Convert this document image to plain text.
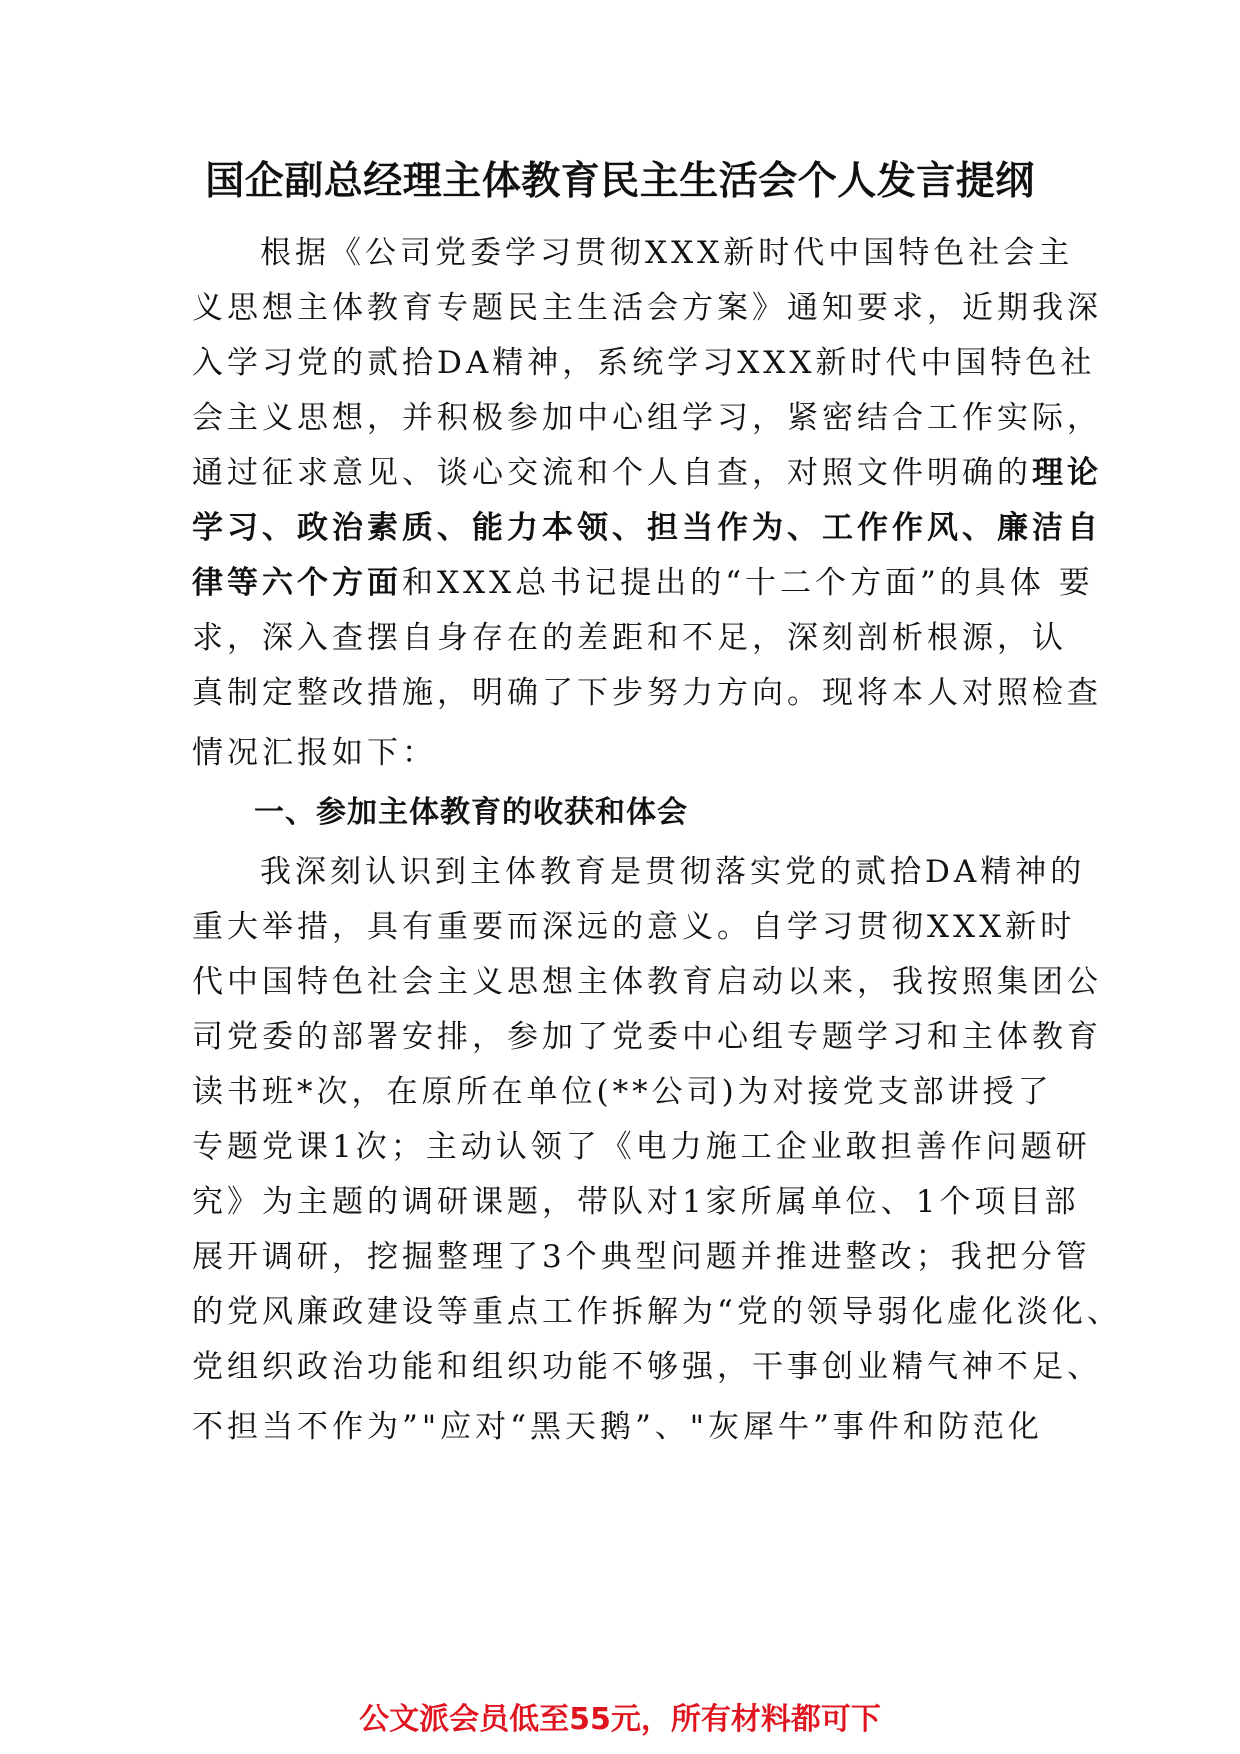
国企副总经理主体教育民主生活会个人发言提纲
根据《公司党委学习贯彻XXX新时代中国特色社会主
义思想主体教育专题民主生活会方案》通知要求，近期我深
入学习党的贰拾DA精神，系统学习XXX新时代中国特色社
会主义思想，并积极参加中心组学习，紧密结合工作实际，
通过征求意见、谈心交流和个人自查，对照文件明确的理论
学习、政治素质、能力本领、担当作为、工作作风、廉洁自
律等六个方面和XXX总书记提出的“十二个方面”的具体 要
求，深入查摆自身存在的差距和不足，深刻剖析根源，认
真制定整改措施，明确了下步努力方向。现将本人对照检查
情况汇报如下：
一、参加主体教育的收获和体会
我深刻认识到主体教育是贯彻落实党的贰拾DA精神的
重大举措，具有重要而深远的意义。自学习贯彻XXX新时
代中国特色社会主义思想主体教育启动以来，我按照集团公
司党委的部署安排，参加了党委中心组专题学习和主体教育
读书班*次，在原所在单位(**公司)为对接党支部讲授了
专题党课1次；主动认领了《电力施工企业敢担善作问题研
究》为主题的调研课题，带队对1家所属单位、1个项目部
展开调研，挖掘整理了3个典型问题并推进整改；我把分管
的党风廉政建设等重点工作拆解为“党的领导弱化虚化淡化、
党组织政治功能和组织功能不够强，干事创业精气神不足、
不担当不作为”"应对“黑天鹅”、"灰犀牛”事件和防范化
公文派会员低至55元，所有材料都可下
